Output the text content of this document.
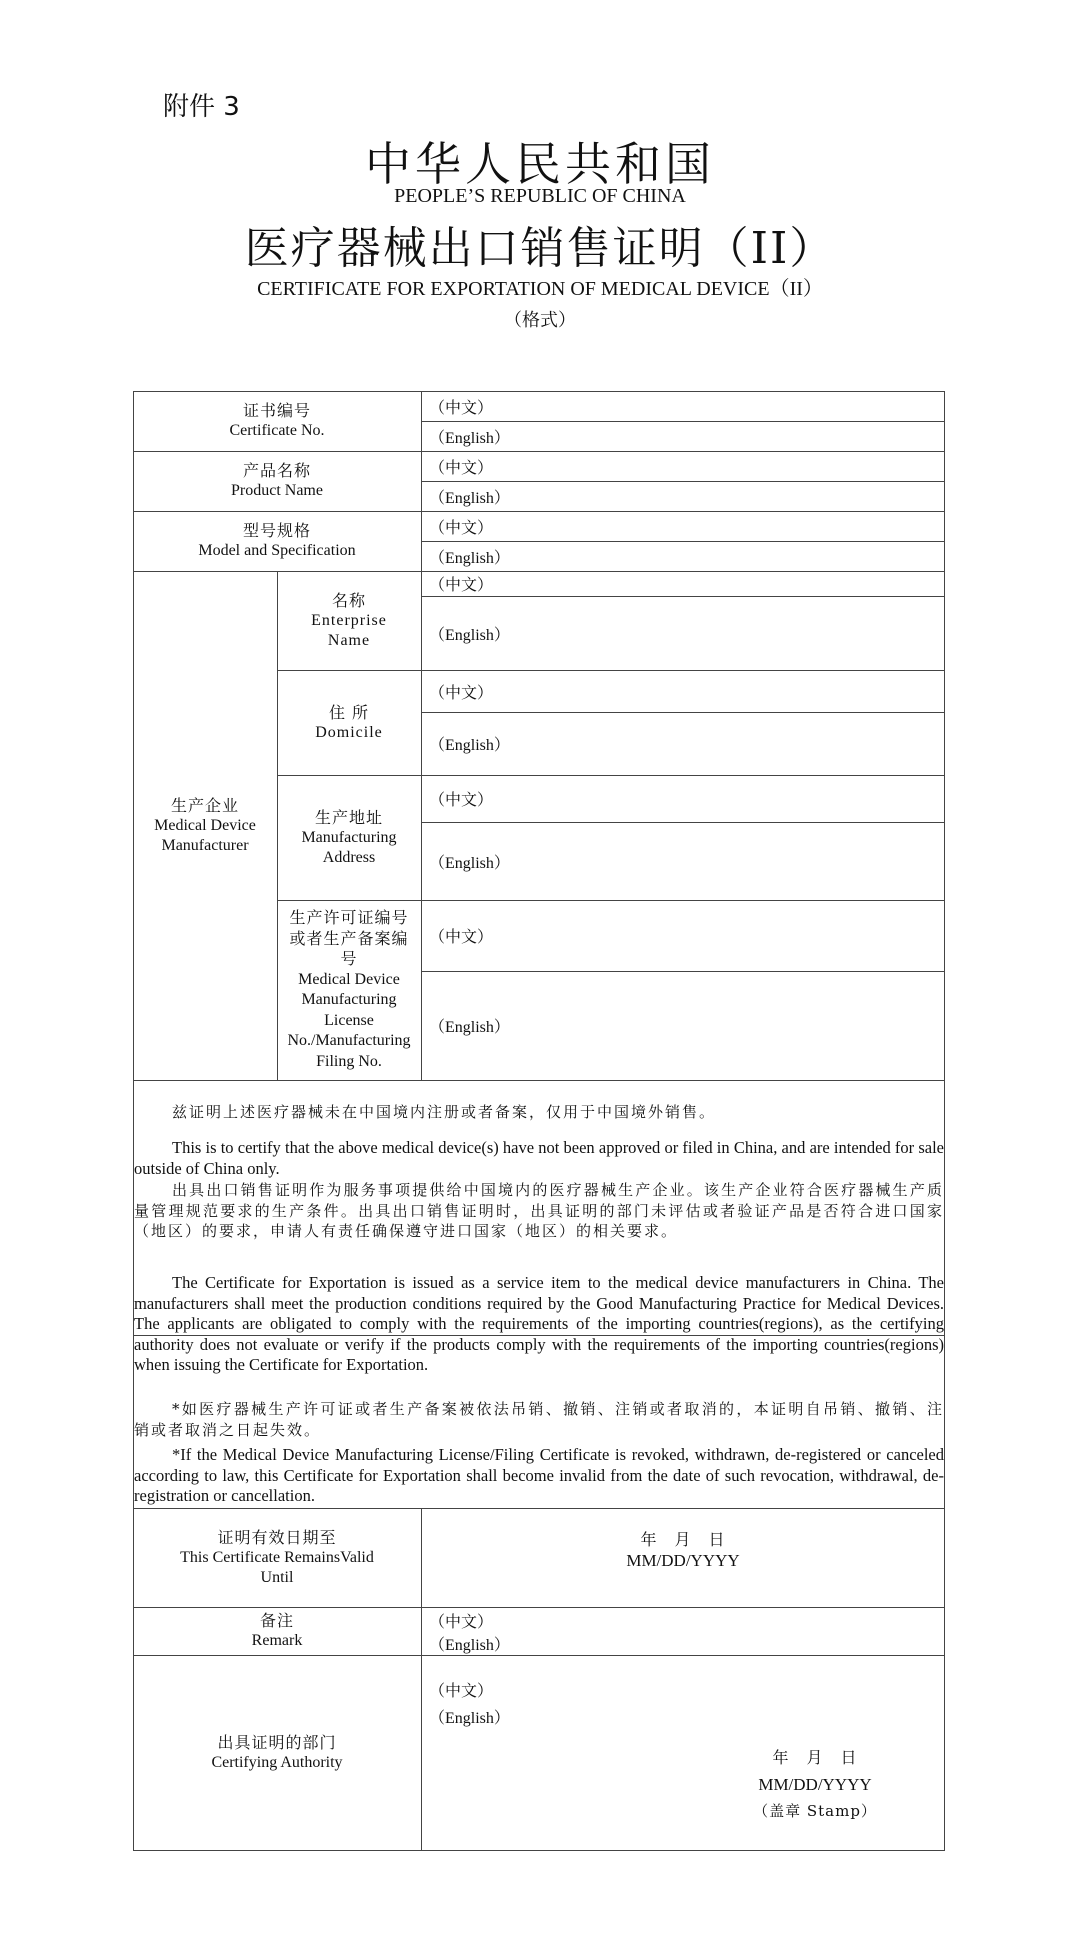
附件 3
中华人民共和国
PEOPLE’S REPUBLIC OF CHINA
医疗器械出口销售证明（II）
CERTIFICATE FOR EXPORTATION OF MEDICAL DEVICE（II）
（格式）
证书编号
Certificate No.
（中文）
（English）
产品名称
Product Name
（中文）
（English）
型号规格
Model and Specification
（中文）
（English）
生产企业
Medical Device
Manufacturer
名称
Enterprise
Name
（中文）
（English）
住 所
Domicile
（中文）
（English）
生产地址
Manufacturing
Address
（中文）
（English）
生产许可证编号
或者生产备案编
号
Medical Device
Manufacturing
License
No./Manufacturing
Filing No.
（中文）
（English）
兹证明上述医疗器械未在中国境内注册或者备案，仅用于中国境外销售。
This is to certify that the above medical device(s) have not been approved or filed in China, and are intended for sale outside of China only.
出具出口销售证明作为服务事项提供给中国境内的医疗器械生产企业。该生产企业符合医疗器械生产质量管理规范要求的生产条件。出具出口销售证明时，出具证明的部门未评估或者验证产品是否符合进口国家（地区）的要求，申请人有责任确保遵守进口国家（地区）的相关要求。
The Certificate for Exportation is issued as a service item to the medical device manufacturers in China. The manufacturers shall meet the production conditions required by the Good Manufacturing Practice for Medical Devices. The applicants are obligated to comply with the requirements of the importing countries(regions), as the certifying authority does not evaluate or verify if the products comply with the requirements of the importing countries(regions) when issuing the Certificate for Exportation.
*如医疗器械生产许可证或者生产备案被依法吊销、撤销、注销或者取消的，本证明自吊销、撤销、注销或者取消之日起失效。
*If the Medical Device Manufacturing License/Filing Certificate is revoked, withdrawn, de-registered or canceled according to law, this Certificate for Exportation shall become invalid from the date of such revocation, withdrawal, de-registration or cancellation.
证明有效日期至
This Certificate RemainsValid
Until
年　月　日
MM/DD/YYYY
备注
Remark
（中文）
（English）
出具证明的部门
Certifying Authority
（中文）
（English）
年　月　日
MM/DD/YYYY
（盖章 Stamp）
